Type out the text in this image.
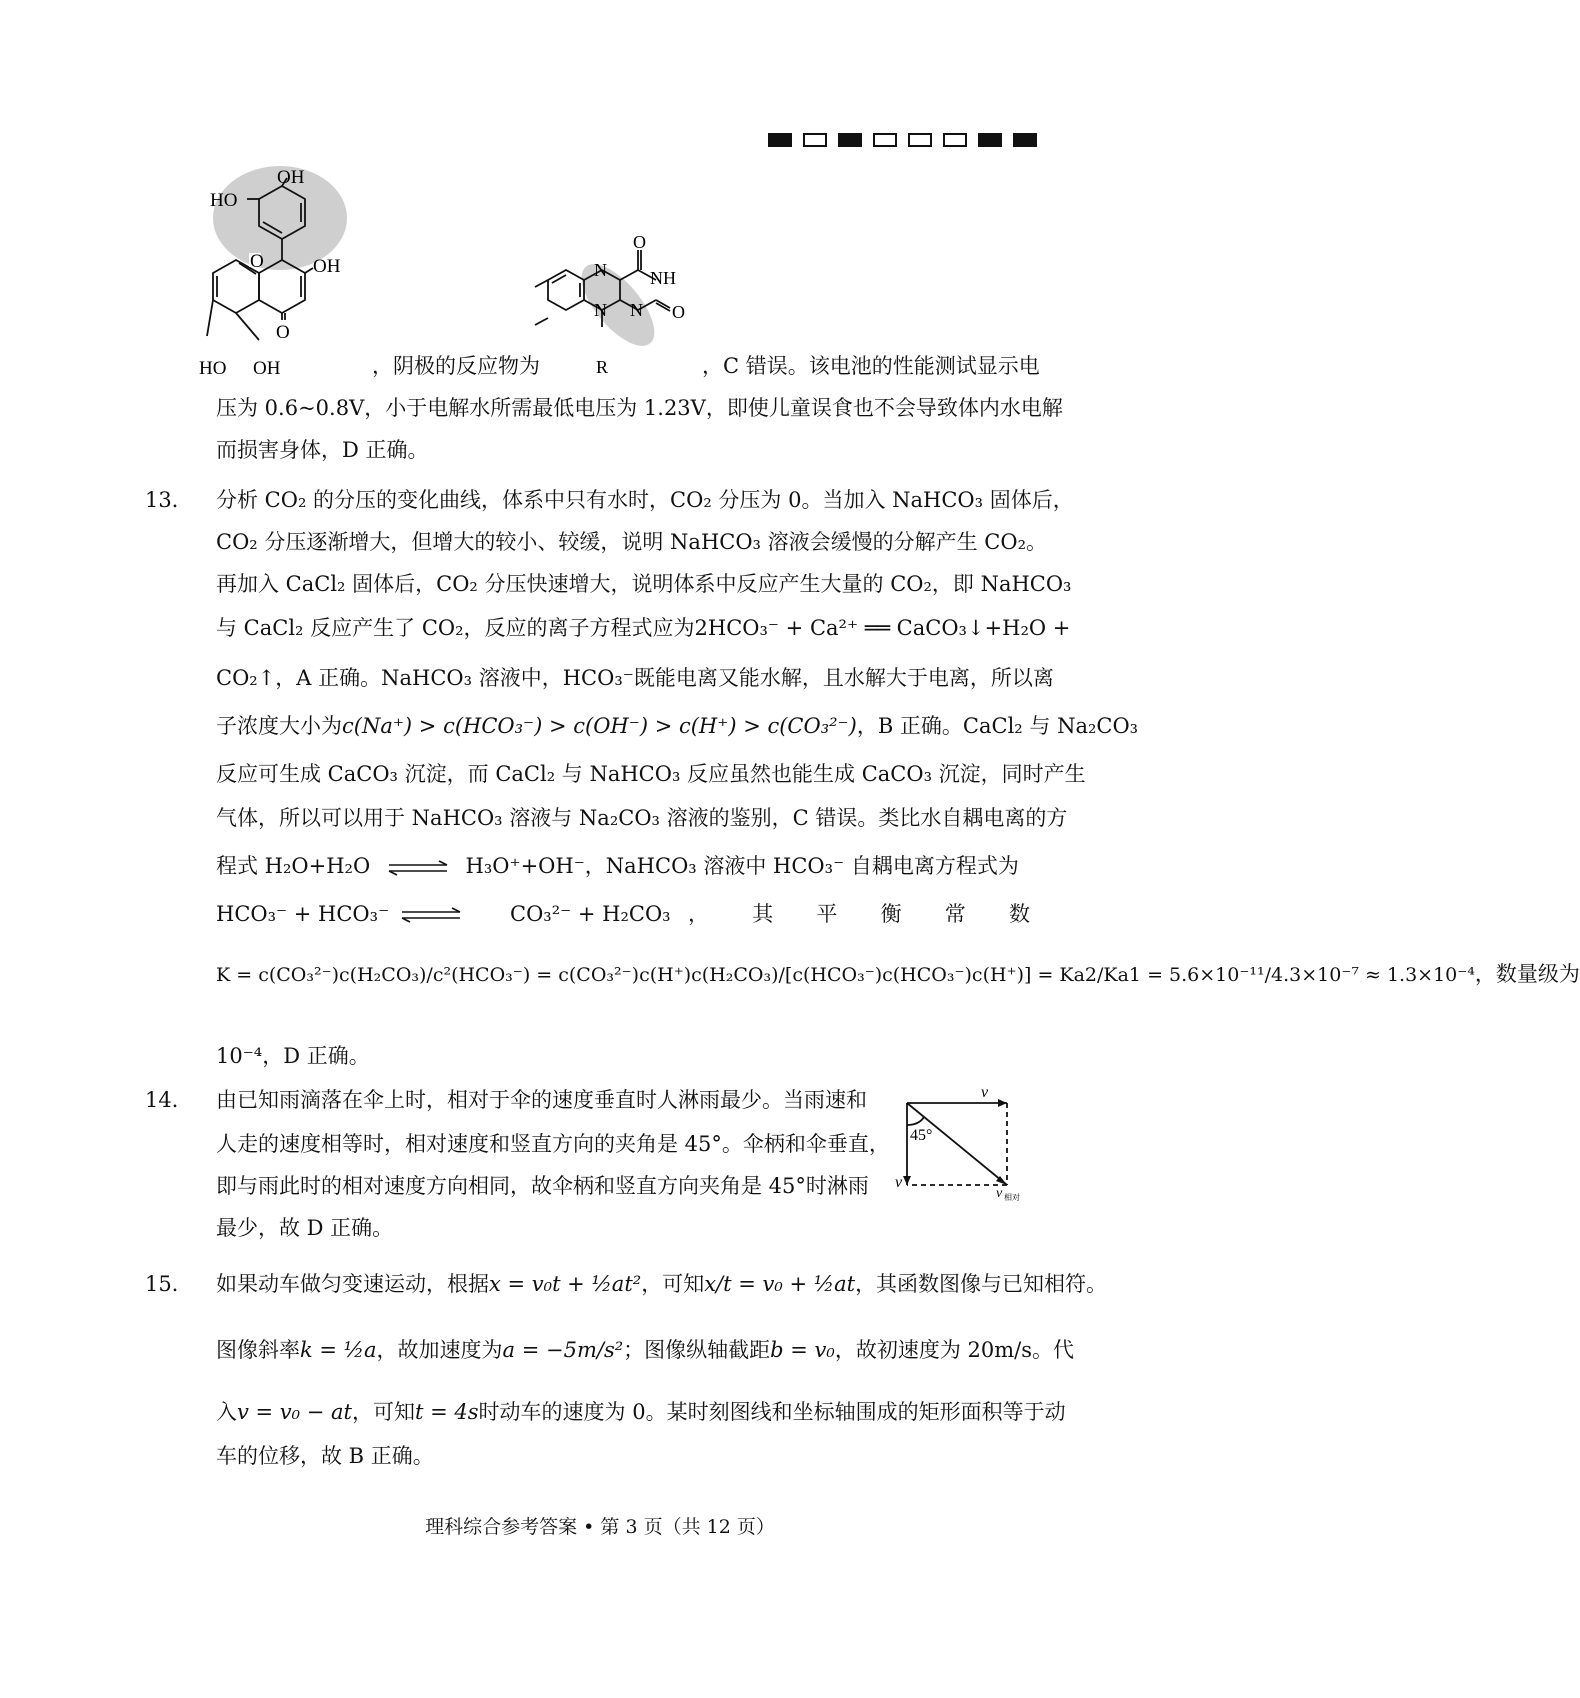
OH
HO
O	OH
O
HO OH
N
O
NH
O
N
N
R
，阴极的反应物为	，C 错误。该电池的性能测试显示电
压为 0.6~0.8V，小于电解水所需最低电压为 1.23V，即使儿童误食也不会导致体内水电解
而损害身体，D 正确。
13． 分析 CO₂ 的分压的变化曲线，体系中只有水时，CO₂ 分压为 0。当加入 NaHCO₃ 固体后，
CO₂ 分压逐渐增大，但增大的较小、较缓，说明 NaHCO₃ 溶液会缓慢的分解产生 CO₂。
再加入 CaCl₂ 固体后，CO₂ 分压快速增大，说明体系中反应产生大量的 CO₂，即 NaHCO₃
与 CaCl₂ 反应产生了 CO₂，反应的离子方程式应为2HCO₃⁻ + Ca²⁺ ══ CaCO₃↓+H₂O +
CO₂↑，A 正确。NaHCO₃ 溶液中，HCO₃⁻既能电离又能水解，且水解大于电离，所以离
子浓度大小为c(Na⁺) > c(HCO₃⁻) > c(OH⁻) > c(H⁺) > c(CO₃²⁻)，B 正确。CaCl₂ 与 Na₂CO₃
反应可生成 CaCO₃ 沉淀，而 CaCl₂ 与 NaHCO₃ 反应虽然也能生成 CaCO₃ 沉淀，同时产生
气体，所以可以用于 NaHCO₃ 溶液与 Na₂CO₃ 溶液的鉴别，C 错误。类比水自耦电离的方
程式 H₂O+H₂O ⇌ H₃O⁺+OH⁻，NaHCO₃ 溶液中 HCO₃⁻ 自耦电离方程式为
HCO₃⁻ + HCO₃⁻ ⇌ CO₃²⁻ + H₂CO₃ ， 其 平 衡 常 数
K = c(CO₃²⁻)c(H₂CO₃)/c²(HCO₃⁻) = c(CO₃²⁻)c(H⁺)c(H₂CO₃)/[c(HCO₃⁻)c(HCO₃⁻)c(H⁺)] = Ka2/Ka1 = 5.6×10⁻¹¹/4.3×10⁻⁷ ≈ 1.3×10⁻⁴，数量级为
10⁻⁴，D 正确。
14． 由已知雨滴落在伞上时，相对于伞的速度垂直时人淋雨最少。当雨速和
人走的速度相等时，相对速度和竖直方向的夹角是 45°。伞柄和伞垂直，
即与雨此时的相对速度方向相同，故伞柄和竖直方向夹角是 45°时淋雨
最少，故 D 正确。
v
45°
v
v 相对
15． 如果动车做匀变速运动，根据x = v₀t + ½at²，可知x/t = v₀ + ½at，其函数图像与已知相符。
图像斜率k = ½a，故加速度为a = −5m/s²；图像纵轴截距b = v₀，故初速度为 20m/s。代
入v = v₀ − at，可知t = 4s时动车的速度为 0。某时刻图线和坐标轴围成的矩形面积等于动
车的位移，故 B 正确。
理科综合参考答案 • 第 3 页（共 12 页）
